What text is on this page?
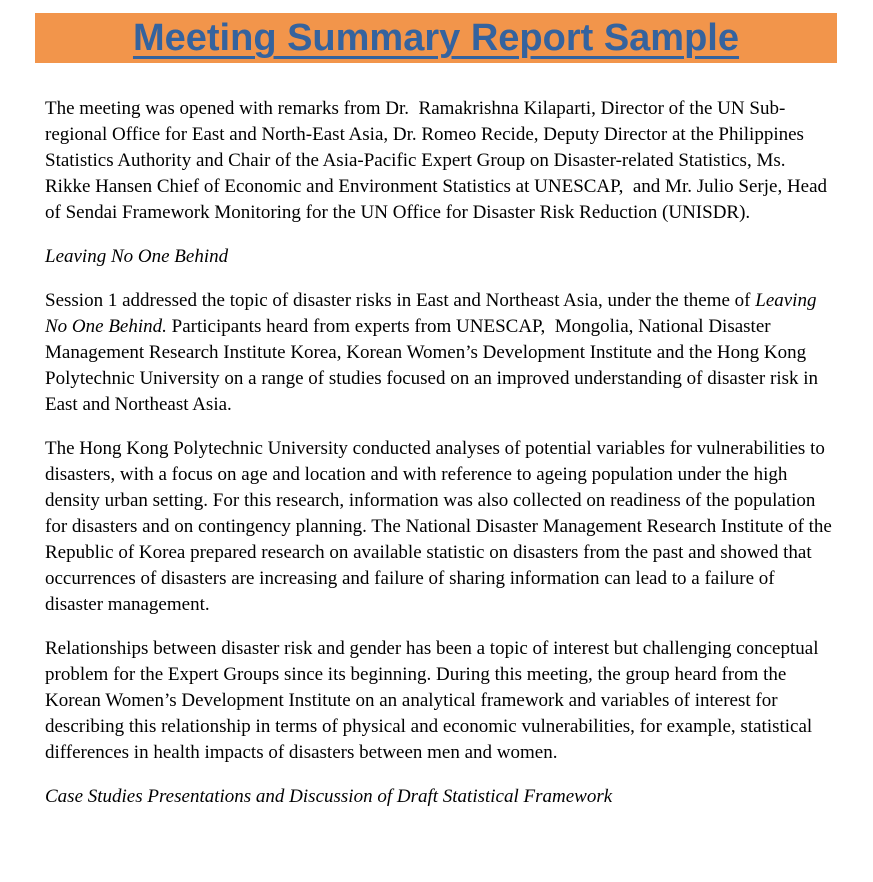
Meeting Summary Report Sample

The meeting was opened with remarks from Dr.  Ramakrishna Kilaparti, Director of the UN Sub-regional Office for East and North-East Asia, Dr. Romeo Recide, Deputy Director at the Philippines Statistics Authority and Chair of the Asia-Pacific Expert Group on Disaster-related Statistics, Ms. Rikke Hansen Chief of Economic and Environment Statistics at UNESCAP,  and Mr. Julio Serje, Head of Sendai Framework Monitoring for the UN Office for Disaster Risk Reduction (UNISDR).

Leaving No One Behind

Session 1 addressed the topic of disaster risks in East and Northeast Asia, under the theme of Leaving No One Behind. Participants heard from experts from UNESCAP,  Mongolia, National Disaster Management Research Institute Korea, Korean Women’s Development Institute and the Hong Kong Polytechnic University on a range of studies focused on an improved understanding of disaster risk in East and Northeast Asia.

The Hong Kong Polytechnic University conducted analyses of potential variables for vulnerabilities to disasters, with a focus on age and location and with reference to ageing population under the high density urban setting. For this research, information was also collected on readiness of the population for disasters and on contingency planning. The National Disaster Management Research Institute of the Republic of Korea prepared research on available statistic on disasters from the past and showed that occurrences of disasters are increasing and failure of sharing information can lead to a failure of disaster management.

Relationships between disaster risk and gender has been a topic of interest but challenging conceptual problem for the Expert Groups since its beginning. During this meeting, the group heard from the Korean Women’s Development Institute on an analytical framework and variables of interest for describing this relationship in terms of physical and economic vulnerabilities, for example, statistical differences in health impacts of disasters between men and women.

Case Studies Presentations and Discussion of Draft Statistical Framework
